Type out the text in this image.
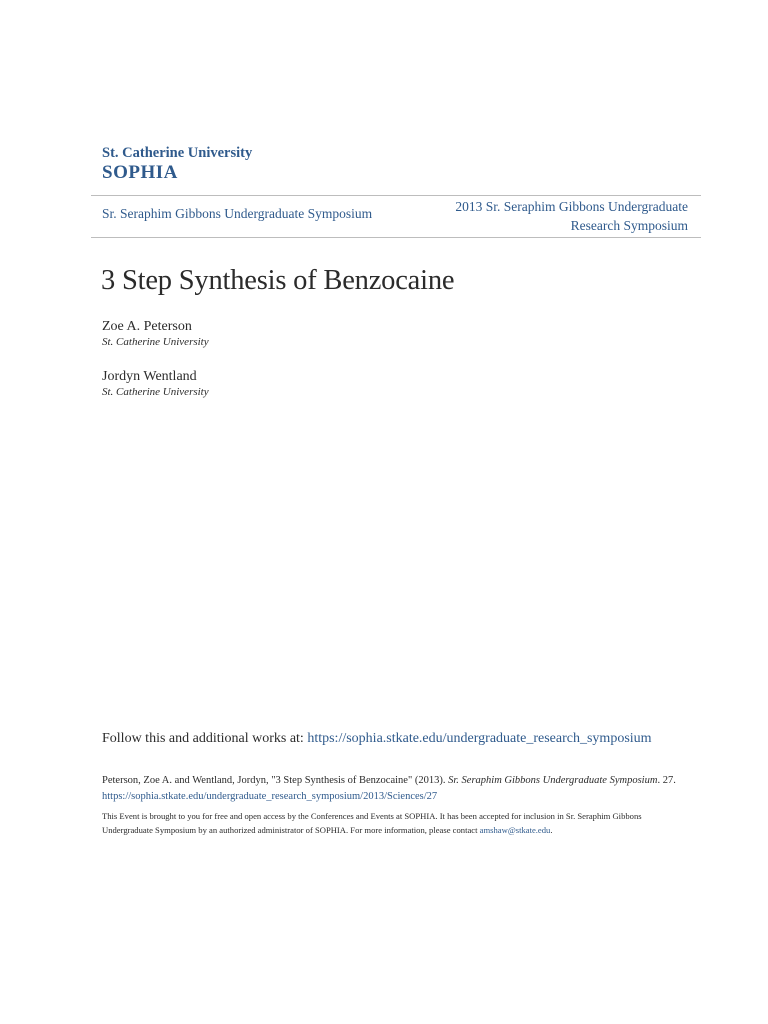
St. Catherine University
SOPHIA
Sr. Seraphim Gibbons Undergraduate Symposium	2013 Sr. Seraphim Gibbons Undergraduate
Research Symposium
3 Step Synthesis of Benzocaine
Zoe A. Peterson
St. Catherine University
Jordyn Wentland
St. Catherine University
Follow this and additional works at: https://sophia.stkate.edu/undergraduate_research_symposium
Peterson, Zoe A. and Wentland, Jordyn, "3 Step Synthesis of Benzocaine" (2013). Sr. Seraphim Gibbons Undergraduate Symposium. 27.
https://sophia.stkate.edu/undergraduate_research_symposium/2013/Sciences/27
This Event is brought to you for free and open access by the Conferences and Events at SOPHIA. It has been accepted for inclusion in Sr. Seraphim Gibbons Undergraduate Symposium by an authorized administrator of SOPHIA. For more information, please contact amshaw@stkate.edu.
